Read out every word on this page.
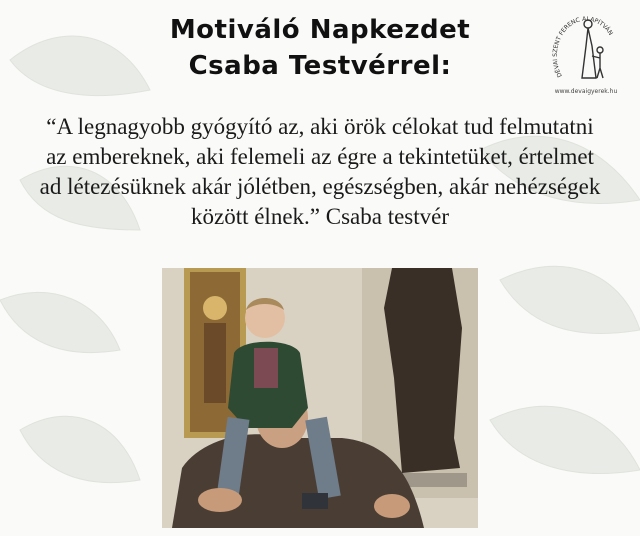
Motiváló Napkezdet
Csaba Testvérrel:	DÉVAI SZENT FERENC ALAPÍTVÁN
www.devaigyerek.hu
“A legnagyobb gyógyító az, aki örök célokat tud felmutatni az embereknek, aki felemeli az égre a tekintetüket, értelmet ad létezésüknek akár jólétben, egészségben, akár nehézségek között élnek.” Csaba testvér
